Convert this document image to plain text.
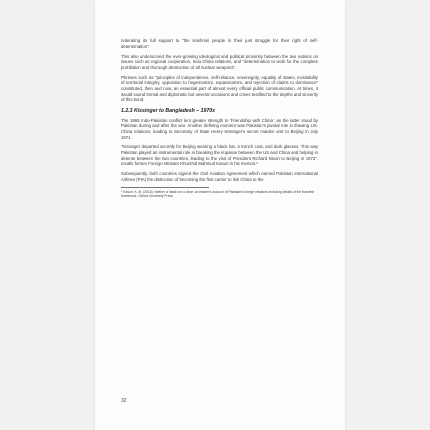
reiterating its full support to "the Kashmiri people in their just struggle for their right of self-determination".

This also underscored the ever-growing ideological and political proximity between the two nations on issues such as regional cooperation, Indo-China relations, and "determination to work for the complete prohibition and thorough destruction of all nuclear weapons".

Phrases such as "principles of independence, self-reliance, sovereignty, equality of states, inviolability of territorial integrity, opposition to hegemonism, expansionism, and rejection of claims to dominance" constituted, then and now, an essential part of almost every official public communication. At times, it would sound formal and diplomatic but several occasions and crises testified to the depths and sincerity of this bond.

1.2.3 Kissinger to Bangladesh – 1970s

The 1965 Indo-Pakistan conflict lent greater strength to 'Friendship with China', as the latter stood by Pakistan during and after the war. Another defining moment was Pakistan's pivotal role in thawing US-China relations, leading to Secretary of State Henry Kissinger's secret maiden visit to Beijing in July 1971.

"Kissinger departed secretly for Beijing wearing a black hat, a trench coat, and dark glasses. This way Pakistan played an instrumental role in breaking the impasse between the US and China and helping in detente between the two countries, leading to the visit of President Richard Nixon to Beijing in 1972", recalls former Foreign Minister Khurshid Mahmud Kasuri in his memoir.⁸

Subsequently, both countries signed the Civil Aviation Agreement which earned Pakistan International Airlines (PIA) the distinction of becoming the first carrier to link China to the

⁸ Kasuri, K. M. (2016). Neither a hawk nor a dove: an insider's account of Pakistan's foreign relations including details of the Kashmir framework. Oxford University Press
32
